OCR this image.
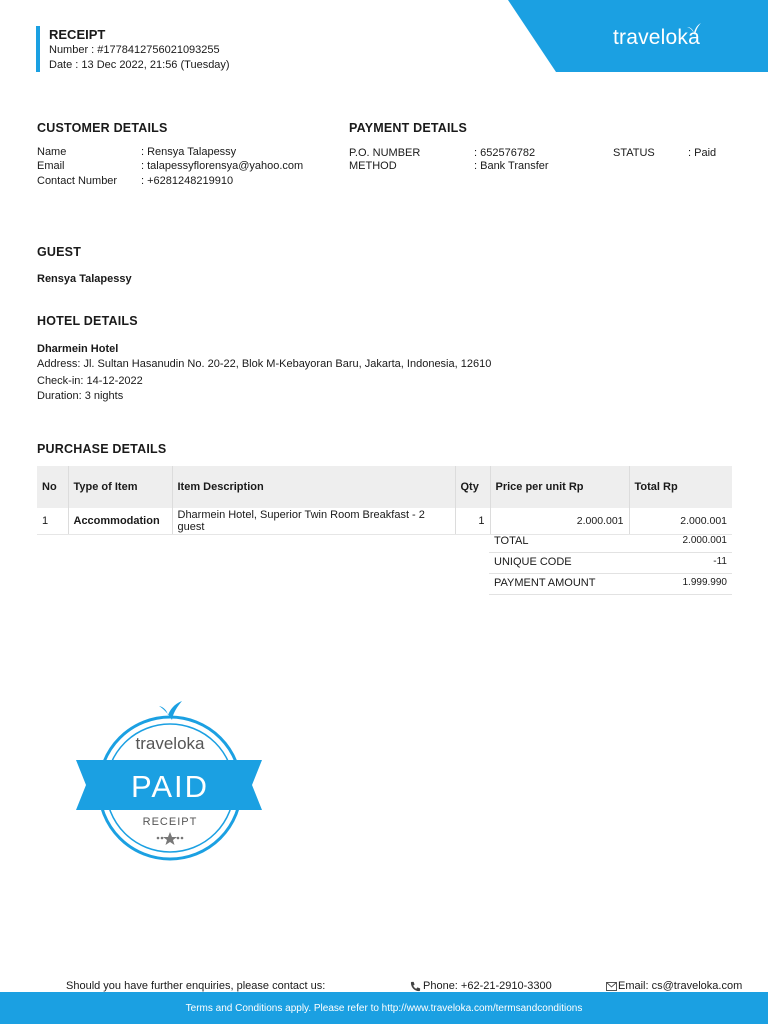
RECEIPT
Number : #177841275602109325​5
Date : 13 Dec 2022, 21:56 (Tuesday)
traveloka
CUSTOMER DETAILS
Name	: Rensya Talapessy
Email	: talapessyflorensya@yahoo.com
Contact Number : +6281248219910
PAYMENT DETAILS
P.O. NUMBER	: 652576782
METHOD	: Bank Transfer
STATUS	: Paid
GUEST
Rensya Talapessy
HOTEL DETAILS
Dharmein Hotel
Address: Jl. Sultan Hasanudin No. 20-22, Blok M-Kebayoran Baru, Jakarta, Indonesia, 12610
Check-in: 14-12-2022
Duration: 3 nights
PURCHASE DETAILS
No	Type of Item	Item Description	Qty	Price per unit Rp	Total Rp
1	Accommodation	Dharmein Hotel, Superior Twin Room Breakfast - 2 guest	1	2.000.001	2.000.001
TOTAL	2.000.001
UNIQUE CODE	-11
PAYMENT AMOUNT	1.999.990
traveloka
PAID
RECEIPT
Should you have further enquiries, please contact us:	Phone: +62-21-2910-3300	Email: cs@traveloka.com
Terms and Conditions apply. Please refer to http://www.traveloka.com/termsandconditions
